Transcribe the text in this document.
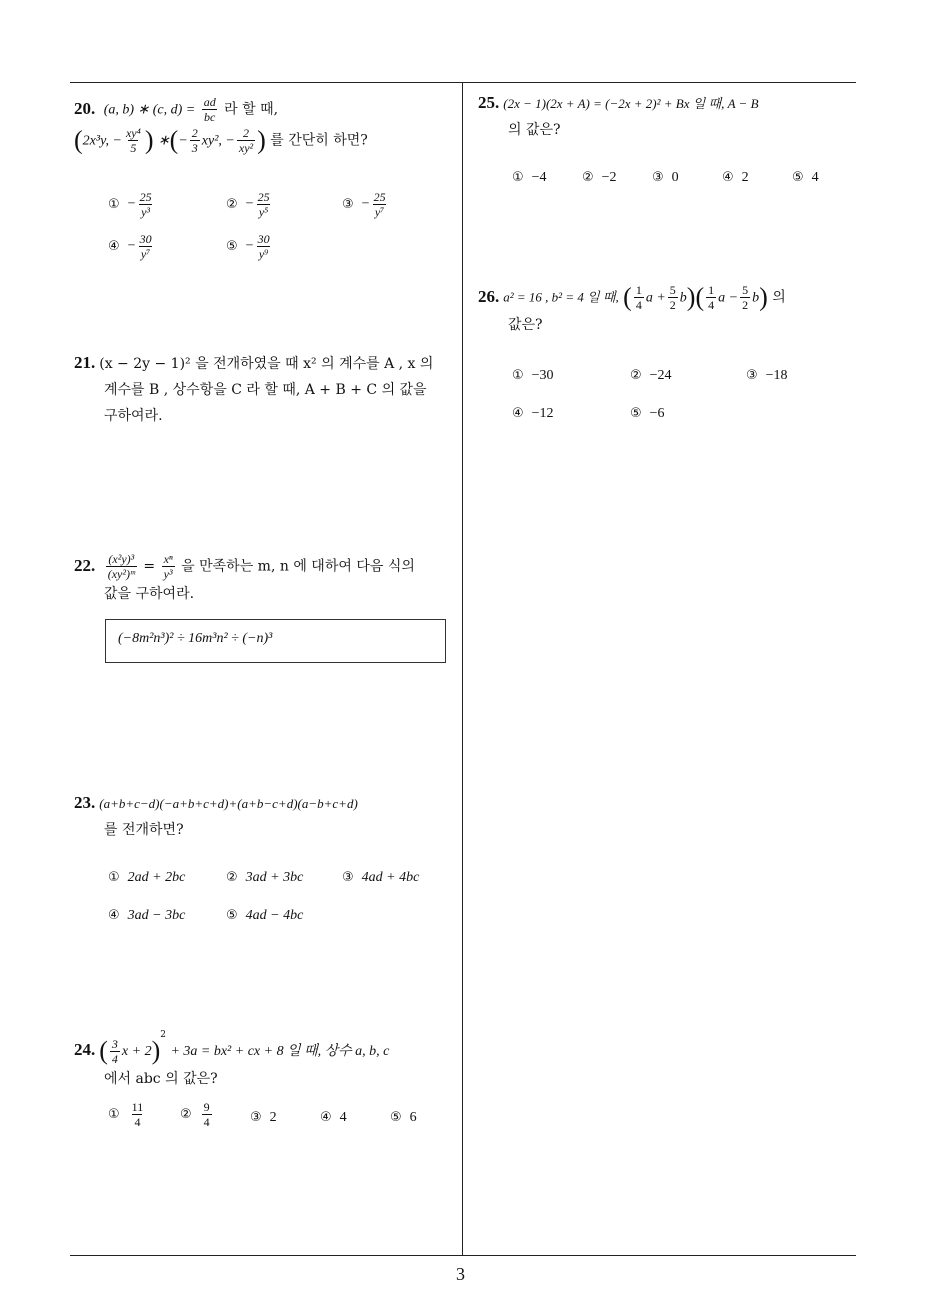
20. (a, b) ∗ (c, $d) = \frac{ad}{bc}$ 라 할 때,
(2x³y, − $\frac{\text{xy⁴}}{5}$ ) ∗(− $\frac{2}{3} xy^2$, − $\frac{2}{\text{xy²}}$ ) 를 간단히 하면?
① − $\frac{25}{\text{y³}}$	② − $\frac{25}{\text{y⁵}}$	③ − $\frac{25}{\text{y⁷}}$
④ − $\frac{30}{\text{y⁷}}$	⑤ − $\frac{30}{\text{y⁹}}$
21. (x − 2y − 1)² 을 전개하였을 때 x² 의 계수를 A , x 의
계수를 B , 상수항을 C 라 할 때, A + B + C 의 값을
구하여라.
22. $\frac{\text{(x²y)³}}{\text{(xy²)ᵐ}} = \frac{\text{xⁿ}}{\text{y³}}$ 을 만족하는 m, n 에 대하여 다음 식의
값을 구하여라.
(−8m²n³)² ÷ 16m³n² ÷ (−n)³
23. (a+b+c−d)(−a+b+c+d)+(a+b−c+d)(a−b+c+d)
를 전개하면?
① 2ad + 2bc	② 3ad + 3bc	③ 4ad + 4bc
④ 3ad − 3bc	⑤ 4ad − 4bc
24. ( $\frac{3}{4}$ x + 2)$^2$ + 3a = bx² + cx + 8 일 때, 상수 a, b, c
에서 abc 의 값은?
① $\frac{11}{4}$	② $\frac{9}{4}$	③ 2	④ 4	⑤ 6
25. (2x − 1)(2x + A) = (−2x + 2)² + Bx 일 때, A − B
의 값은?
① −4	② −2	③ 0	④ 2	⑤ 4
26. a² = 16 , b² = 4 일 때, ( $\frac{1}{4}$ $a + \frac{5}{2} b)( \frac{1}{4}$ $a - \frac{5}{2} b$) 의
값은?
① −30	② −24	③ −18
④ −12	⑤ −6
3
